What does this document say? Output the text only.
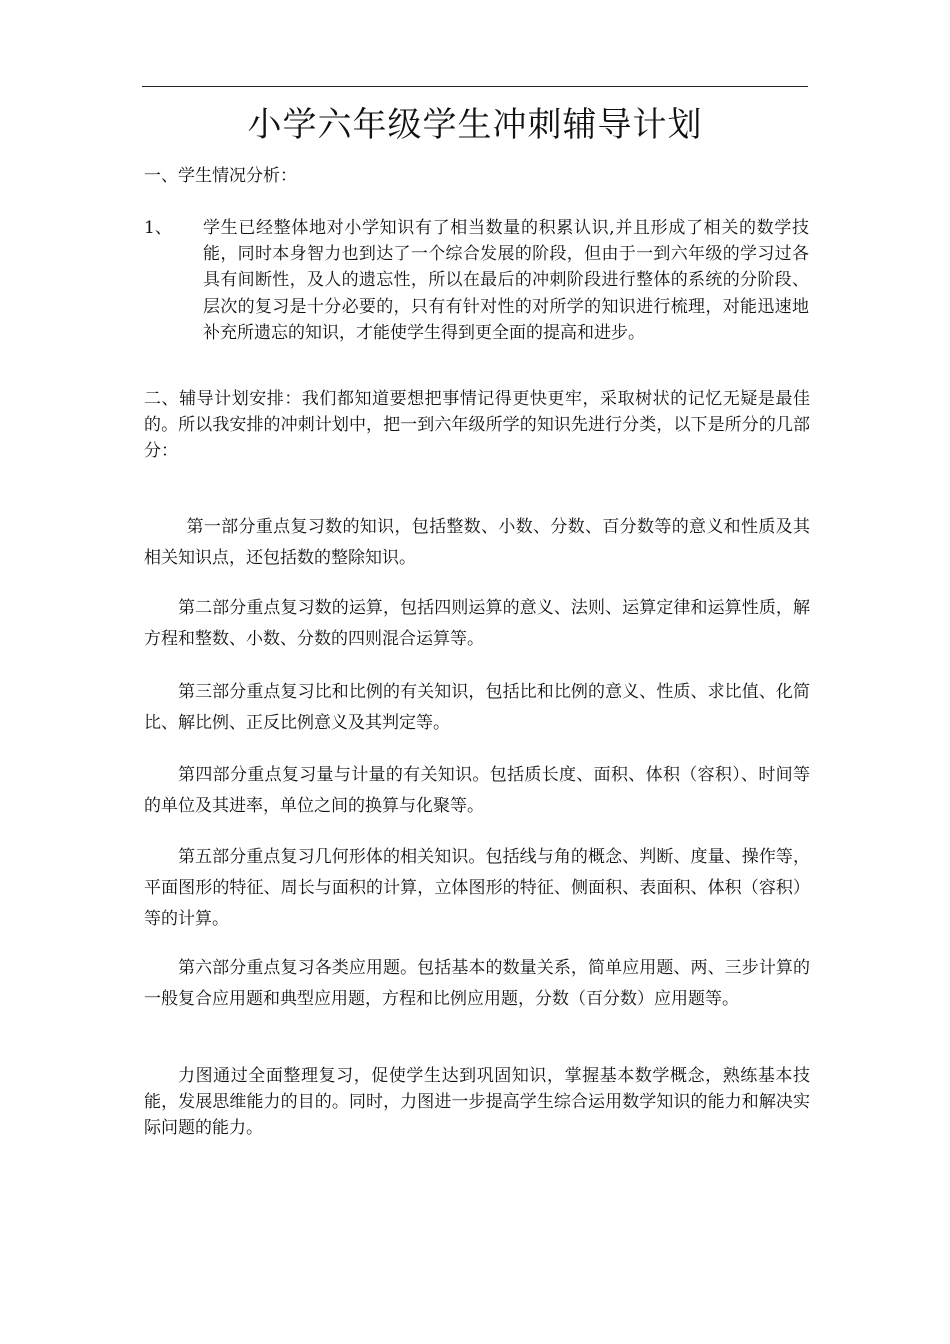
小学六年级学生冲刺辅导计划
一、学生情况分析：
1、 学生已经整体地对小学知识有了相当数量的积累认识,并且形成了相关的数学技能，同时本身智力也到达了一个综合发展的阶段，但由于一到六年级的学习过各具有间断性，及人的遗忘性，所以在最后的冲刺阶段进行整体的系统的分阶段、层次的复习是十分必要的，只有有针对性的对所学的知识进行梳理，对能迅速地补充所遗忘的知识，才能使学生得到更全面的提高和进步。
二、辅导计划安排：我们都知道要想把事情记得更快更牢，采取树状的记忆无疑是最佳的。所以我安排的冲刺计划中，把一到六年级所学的知识先进行分类，以下是所分的几部分：
第一部分重点复习数的知识，包括整数、小数、分数、百分数等的意义和性质及其相关知识点，还包括数的整除知识。
第二部分重点复习数的运算，包括四则运算的意义、法则、运算定律和运算性质，解方程和整数、小数、分数的四则混合运算等。
第三部分重点复习比和比例的有关知识，包括比和比例的意义、性质、求比值、化简比、解比例、正反比例意义及其判定等。
第四部分重点复习量与计量的有关知识。包括质长度、面积、体积（容积）、时间等的单位及其进率，单位之间的换算与化聚等。
第五部分重点复习几何形体的相关知识。包括线与角的概念、判断、度量、操作等，平面图形的特征、周长与面积的计算，立体图形的特征、侧面积、表面积、体积（容积）等的计算。
第六部分重点复习各类应用题。包括基本的数量关系，简单应用题、两、三步计算的一般复合应用题和典型应用题，方程和比例应用题，分数（百分数）应用题等。
力图通过全面整理复习，促使学生达到巩固知识，掌握基本数学概念，熟练基本技能，发展思维能力的目的。同时，力图进一步提高学生综合运用数学知识的能力和解决实际问题的能力。
